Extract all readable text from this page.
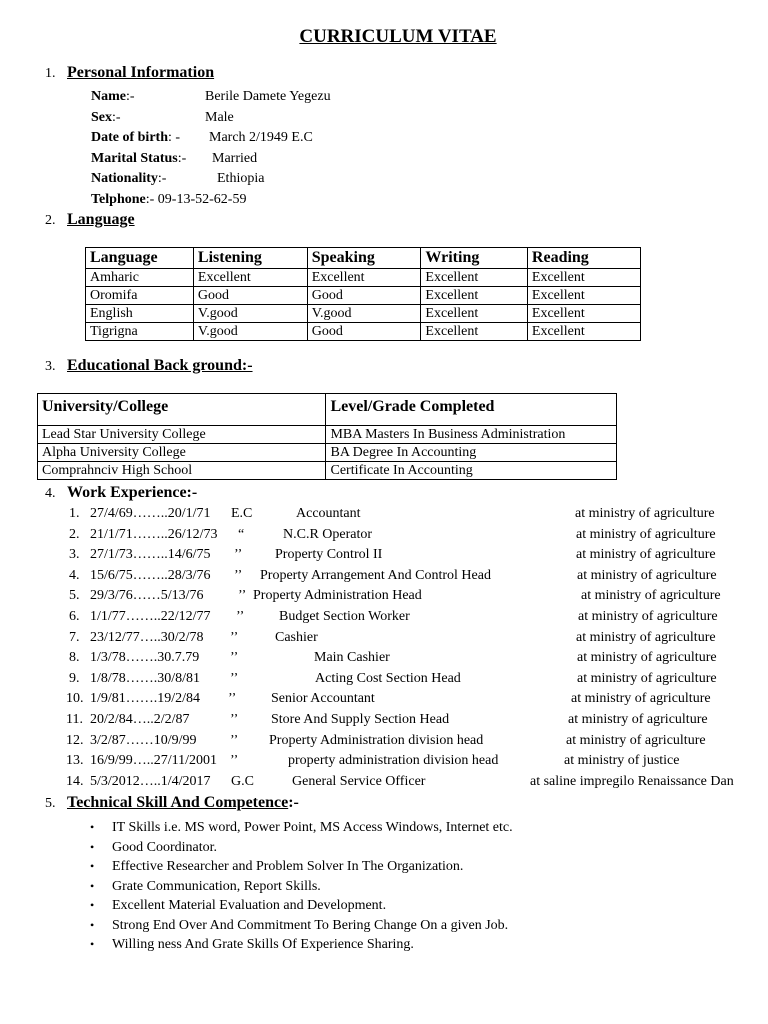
CURRICULUM VITAE
1. Personal Information
Name:-	Berile Damete Yegezu
Sex:-	Male
Date of birth: - March 2/1949 E.C
Marital Status:- Married
Nationality:-	Ethiopia
Telphone:- 09-13-52-62-59
2. Language
Language	Listening	Speaking	Writing	Reading
Amharic	Excellent	Excellent	Excellent	Excellent
Oromifa	Good	Good	Excellent	Excellent
English	V.good	V.good	Excellent	Excellent
Tigrigna	V.good	Good	Excellent	Excellent
3. Educational Back ground:-
University/College	Level/Grade Completed
Lead Star University College	MBA Masters In Business Administration
Alpha University College	BA Degree In Accounting
Comprahnciv High School	Certificate In Accounting
4. Work Experience:-
1. 27/4/69……..20/1/71 E.C	Accountant	at ministry of agriculture
2. 21/1/71……..26/12/73 “	N.C.R Operator	at ministry of agriculture
3. 27/1/73……..14/6/75 ’’ Property Control II	at ministry of agriculture
4. 15/6/75……..28/3/76 ’’ Property Arrangement And Control Head	at ministry of agriculture
5. 29/3/76……5/13/76 ’’ Property Administration Head	at ministry of agriculture
6. 1/1/77……..22/12/77 ’’ Budget Section Worker	at ministry of agriculture
7. 23/12/77…..30/2/78 ’’	Cashier	at ministry of agriculture
8. 1/3/78…….30.7.79 ’’	Main Cashier	at ministry of agriculture
9. 1/8/78…….30/8/81 ’’	Acting Cost Section Head	at ministry of agriculture
10. 1/9/81…….19/2/84 ’’ Senior Accountant	at ministry of agriculture
11. 20/2/84…..2/2/87	’’ Store And Supply Section Head	at ministry of agriculture
12. 3/2/87……10/9/99 ’’ Property Administration division head	at ministry of agriculture
13. 16/9/99…..27/11/2001 ’’	property administration division head	at ministry of justice
14. 5/3/2012…..1/4/2017 G.C	General Service Officer	at saline impregilo Renaissance Dan
5. Technical Skill And Competence:-
• IT Skills i.e. MS word, Power Point, MS Access Windows, Internet etc.
• Good Coordinator.
• Effective Researcher and Problem Solver In The Organization.
• Grate Communication, Report Skills.
• Excellent Material Evaluation and Development.
• Strong End Over And Commitment To Bering Change On a given Job.
• Willing ness And Grate Skills Of Experience Sharing.
